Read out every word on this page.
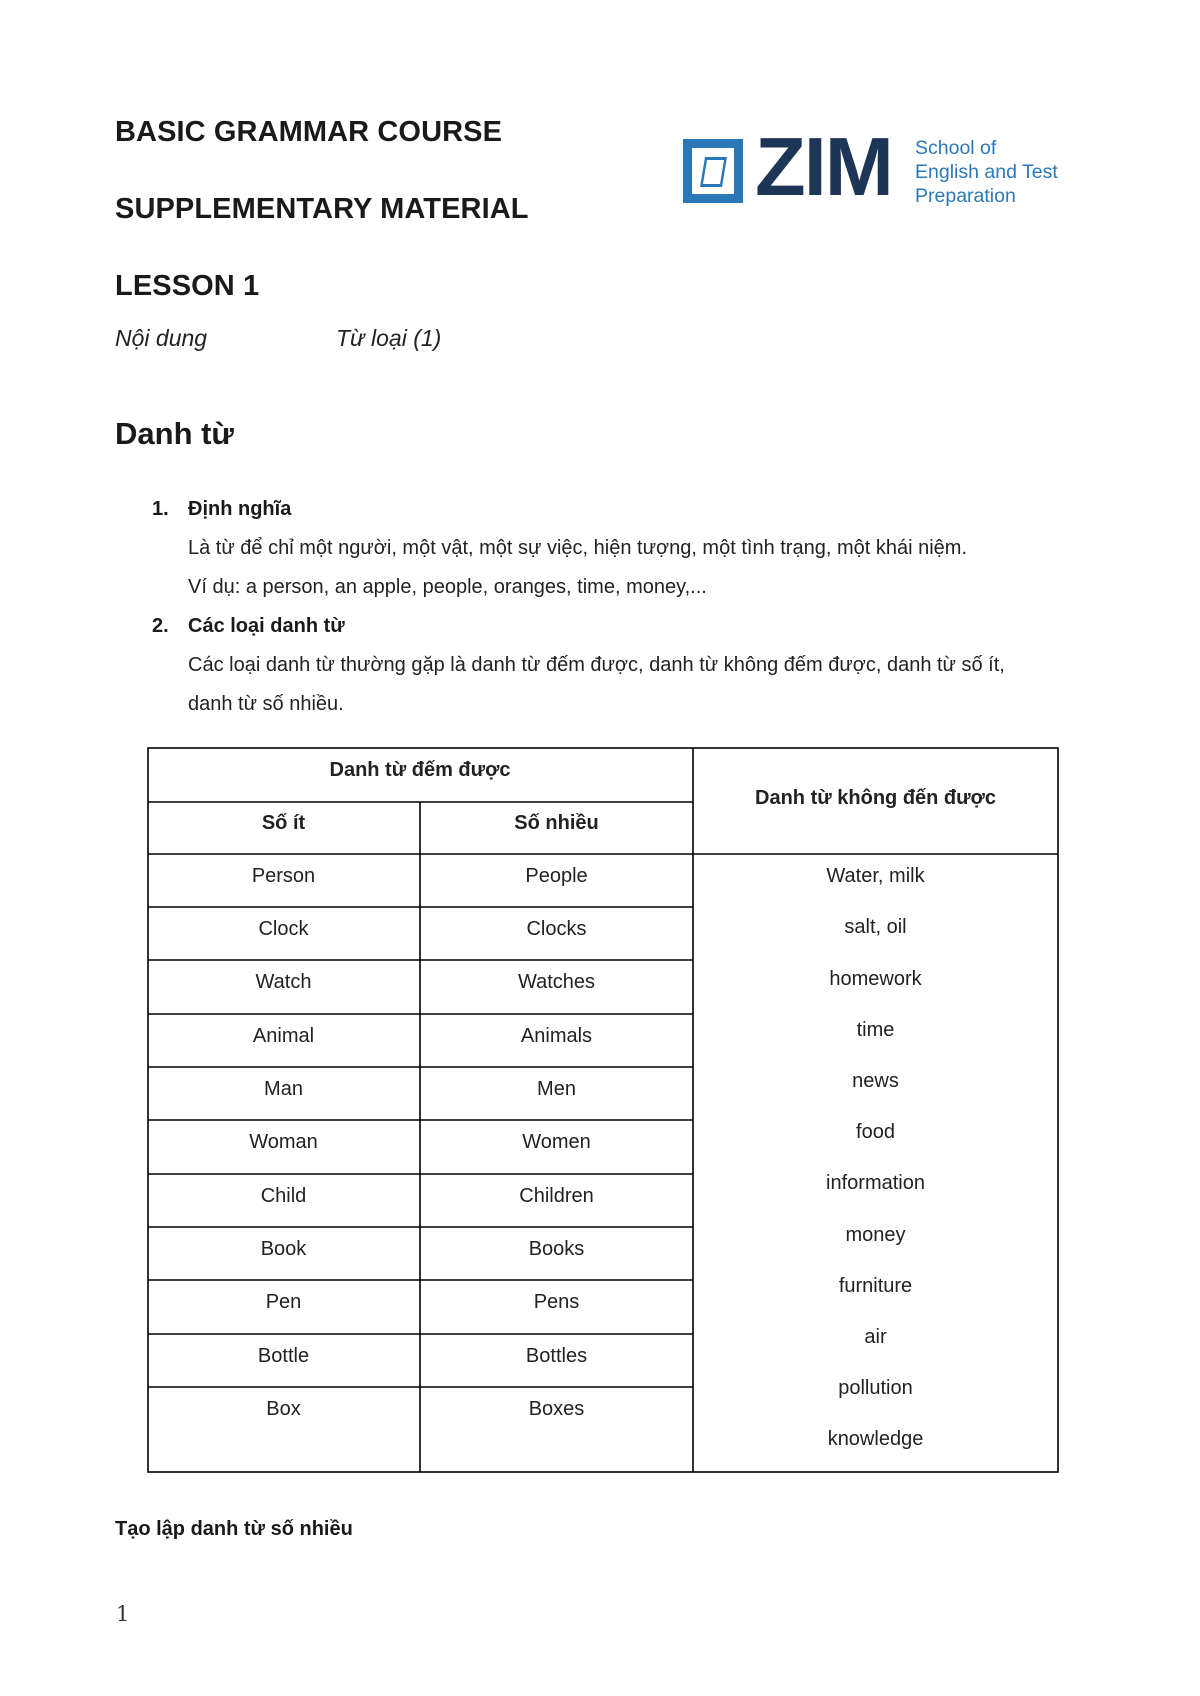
BASIC GRAMMAR COURSE
SUPPLEMENTARY MATERIAL
LESSON 1
Nội dung	Từ loại (1)
ZIM School of
English and Test
Preparation
Danh từ
1. Định nghĩa
Là từ để chỉ một người, một vật, một sự việc, hiện tượng, một tình trạng, một khái niệm.
Ví dụ: a person, an apple, people, oranges, time, money,...
2. Các loại danh từ
Các loại danh từ thường gặp là danh từ đếm được, danh từ không đếm được, danh từ số ít,
danh từ số nhiều.
Danh từ đếm được
Số ít	Số nhiều
Danh từ không đến được
Person	People
Clock	Clocks
Watch	Watches
Animal	Animals
Man	Men
Woman	Women
Child	Children
Book	Books
Pen	Pens
Bottle	Bottles
Box	Boxes
Water, milk
salt, oil
homework
time
news
food
information
money
furniture
air
pollution
knowledge
Tạo lập danh từ số nhiều
1
